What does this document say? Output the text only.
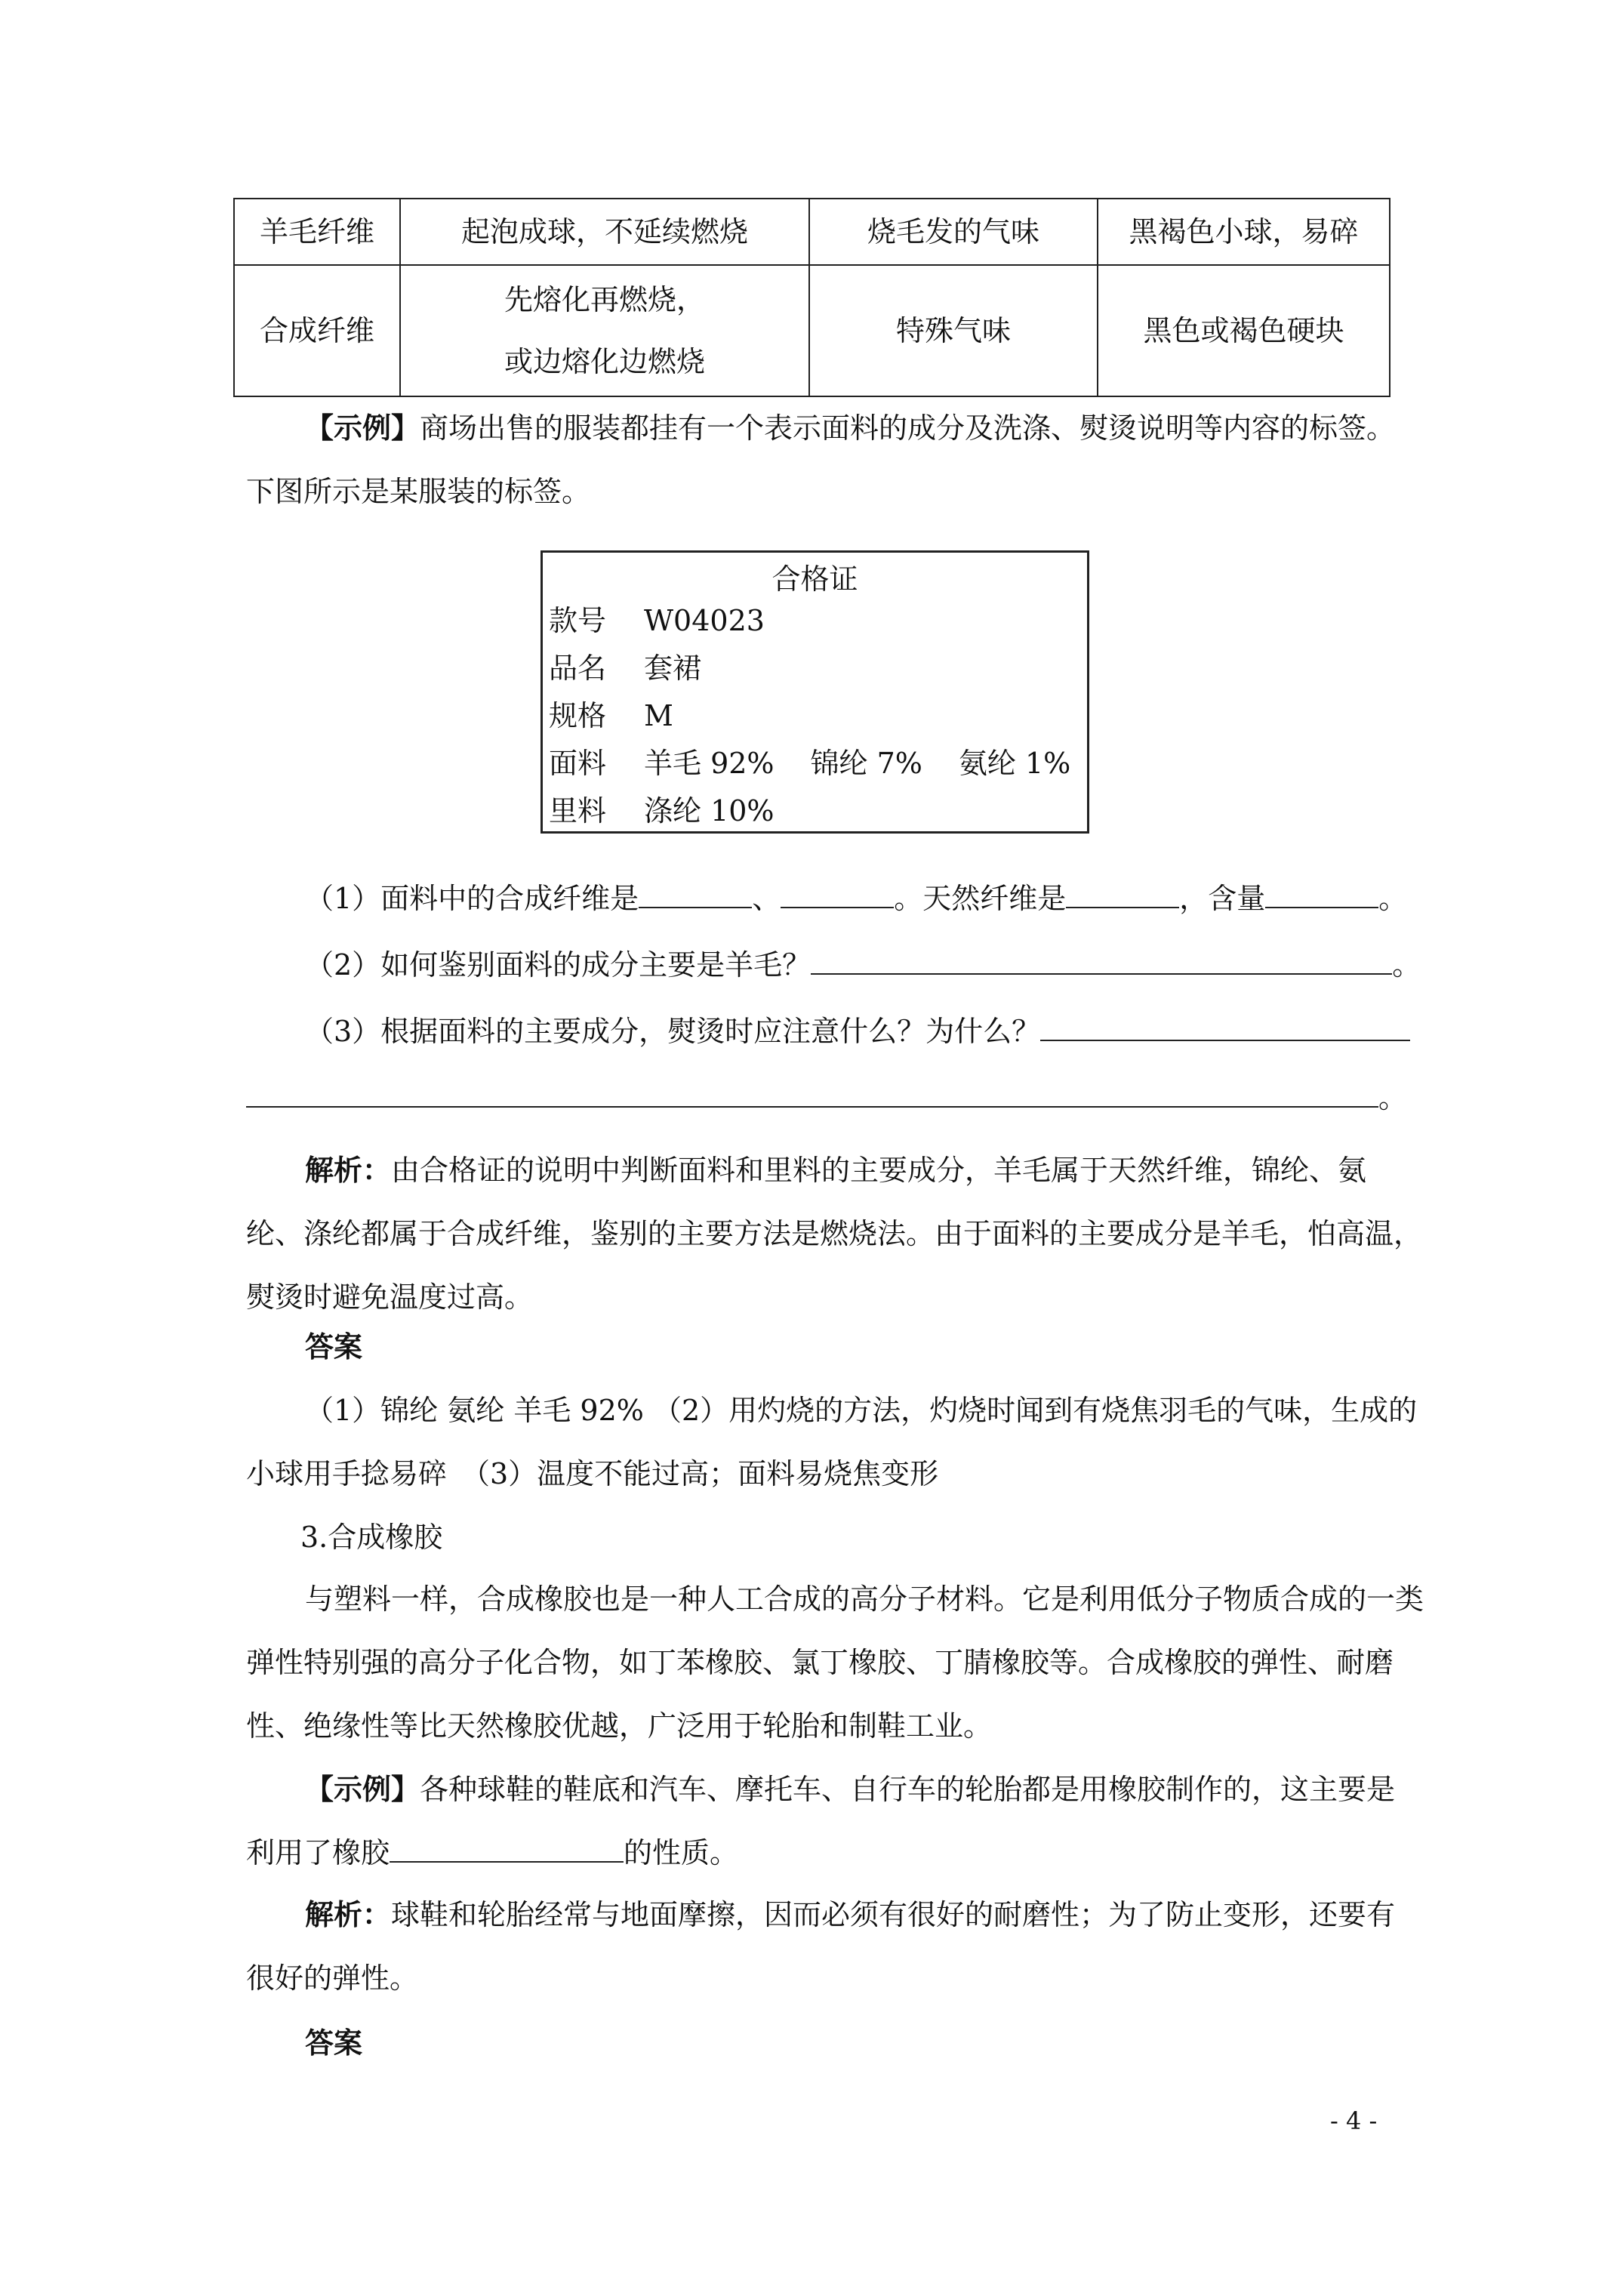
羊毛纤维	起泡成球，不延续燃烧	烧毛发的气味	黑褐色小球，易碎
合成纤维	先熔化再燃烧，
或边熔化边燃烧	特殊气味	黑色或褐色硬块

【示例】商场出售的服装都挂有一个表示面料的成分及洗涤、熨烫说明等内容的标签。下图所示是某服装的标签。

合格证
款号 W04023
品名 套裙
规格 M
面料 羊毛 92% 锦纶 7% 氨纶 1%
里料 涤纶 10%
（1）面料中的合成纤维是	、	。天然纤维是	，含量	。
（2）如何鉴别面料的成分主要是羊毛？	。
（3）根据面料的主要成分，熨烫时应注意什么？为什么？
。

解析：由合格证的说明中判断面料和里料的主要成分，羊毛属于天然纤维，锦纶、氨纶、涤纶都属于合成纤维，鉴别的主要方法是燃烧法。由于面料的主要成分是羊毛，怕高温，熨烫时避免温度过高。

答案

（1）锦纶 氨纶 羊毛 92% （2）用灼烧的方法，灼烧时闻到有烧焦羽毛的气味，生成的小球用手捻易碎　（3）温度不能过高；面料易烧焦变形

3.合成橡胶

与塑料一样，合成橡胶也是一种人工合成的高分子材料。它是利用低分子物质合成的一类弹性特别强的高分子化合物，如丁苯橡胶、氯丁橡胶、丁腈橡胶等。合成橡胶的弹性、耐磨性、绝缘性等比天然橡胶优越，广泛用于轮胎和制鞋工业。

【示例】各种球鞋的鞋底和汽车、摩托车、自行车的轮胎都是用橡胶制作的，这主要是利用了橡胶	的性质。

解析：球鞋和轮胎经常与地面摩擦，因而必须有很好的耐磨性；为了防止变形，还要有很好的弹性。

答案
- 4 -
